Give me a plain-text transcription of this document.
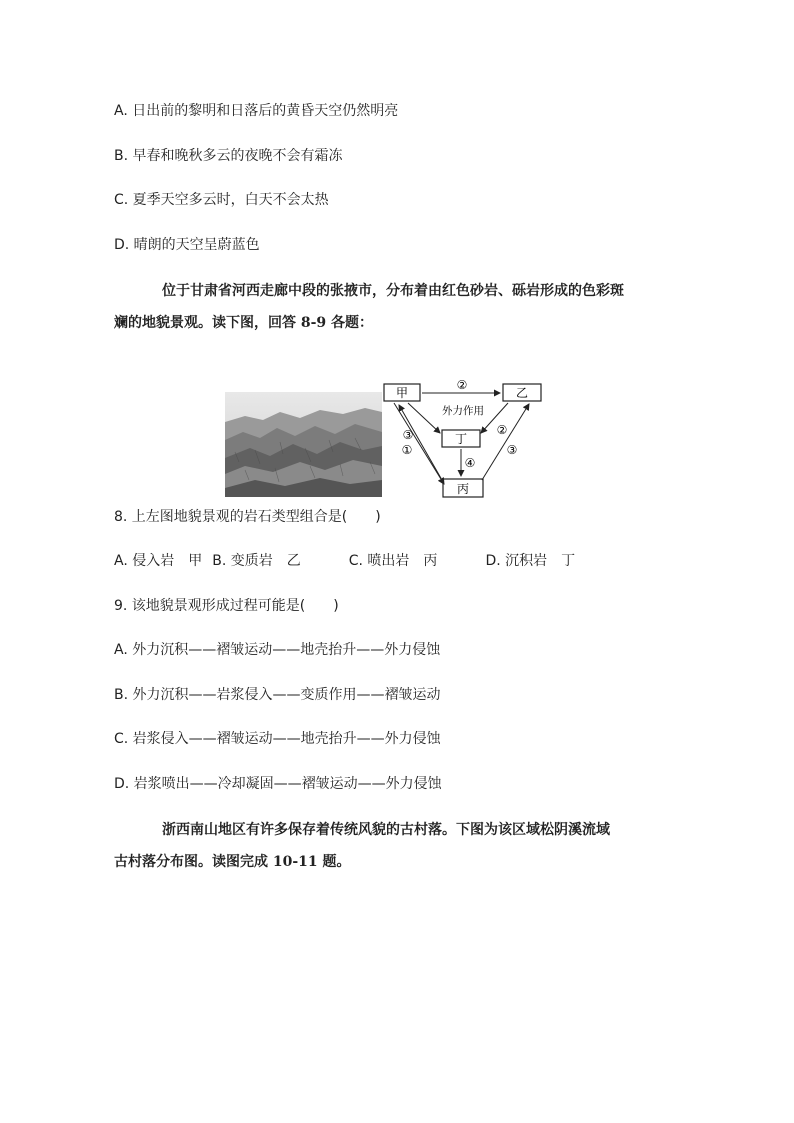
A. 日出前的黎明和日落后的黄昏天空仍然明亮
B. 早春和晚秋多云的夜晚不会有霜冻
C. 夏季天空多云时，白天不会太热
D. 晴朗的天空呈蔚蓝色
位于甘肃省河西走廊中段的张掖市，分布着由红色砂岩、砾岩形成的色彩斑
斓的地貌景观。读下图，回答 8-9 各题：
甲	乙
丁
丙
②
外力作用
③	②
①
④
③
8. 上左图地貌景观的岩石类型组合是(　　)
A. 侵入岩　甲 B. 变质岩　乙	C. 喷出岩　丙	D. 沉积岩　丁
9. 该地貌景观形成过程可能是(　　)
A. 外力沉积——褶皱运动——地壳抬升——外力侵蚀
B. 外力沉积——岩浆侵入——变质作用——褶皱运动
C. 岩浆侵入——褶皱运动——地壳抬升——外力侵蚀
D. 岩浆喷出——冷却凝固——褶皱运动——外力侵蚀
浙西南山地区有许多保存着传统风貌的古村落。下图为该区域松阴溪流域
古村落分布图。读图完成 10-11 题。
